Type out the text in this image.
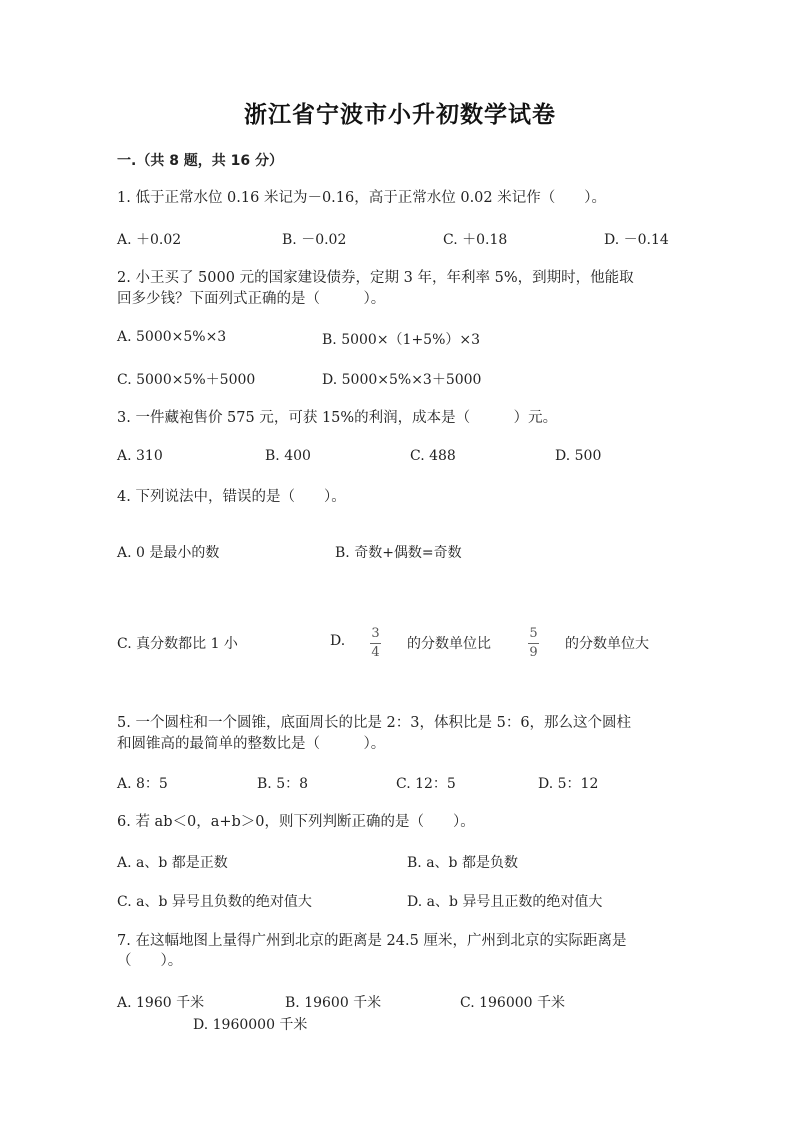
浙江省宁波市小升初数学试卷
一.（共 8 题，共 16 分）
1. 低于正常水位 0.16 米记为－0.16，高于正常水位 0.02 米记作（　　）。
A. ＋0.02	B. －0.02	C. ＋0.18	D. －0.14
2. 小王买了 5000 元的国家建设债券，定期 3 年，年利率 5%，到期时，他能取
回多少钱？下面列式正确的是（　　　）。
A. 5000×5%×3	B. 5000×（1+5%）×3
C. 5000×5%＋5000	D. 5000×5%×3＋5000
3. 一件藏袍售价 575 元，可获 15%的利润，成本是（　　　）元。
A. 310	B. 400	C. 488	D. 500
4. 下列说法中，错误的是（　　）。
A. 0 是最小的数	B. 奇数+偶数=奇数
C. 真分数都比 1 小	D. 3
4
的分数单位比
5
9
的分数单位大
5. 一个圆柱和一个圆锥，底面周长的比是 2：3，体积比是 5：6，那么这个圆柱
和圆锥高的最简单的整数比是（　　　）。
A. 8：5	B. 5：8	C. 12：5	D. 5：12
6. 若 ab＜0，a+b＞0，则下列判断正确的是（　　）。
A. a、b 都是正数	B. a、b 都是负数
C. a、b 异号且负数的绝对值大	D. a、b 异号且正数的绝对值大
7. 在这幅地图上量得广州到北京的距离是 24.5 厘米，广州到北京的实际距离是
（　　）。
A. 1960 千米	B. 19600 千米	C. 196000 千米
D. 1960000 千米
